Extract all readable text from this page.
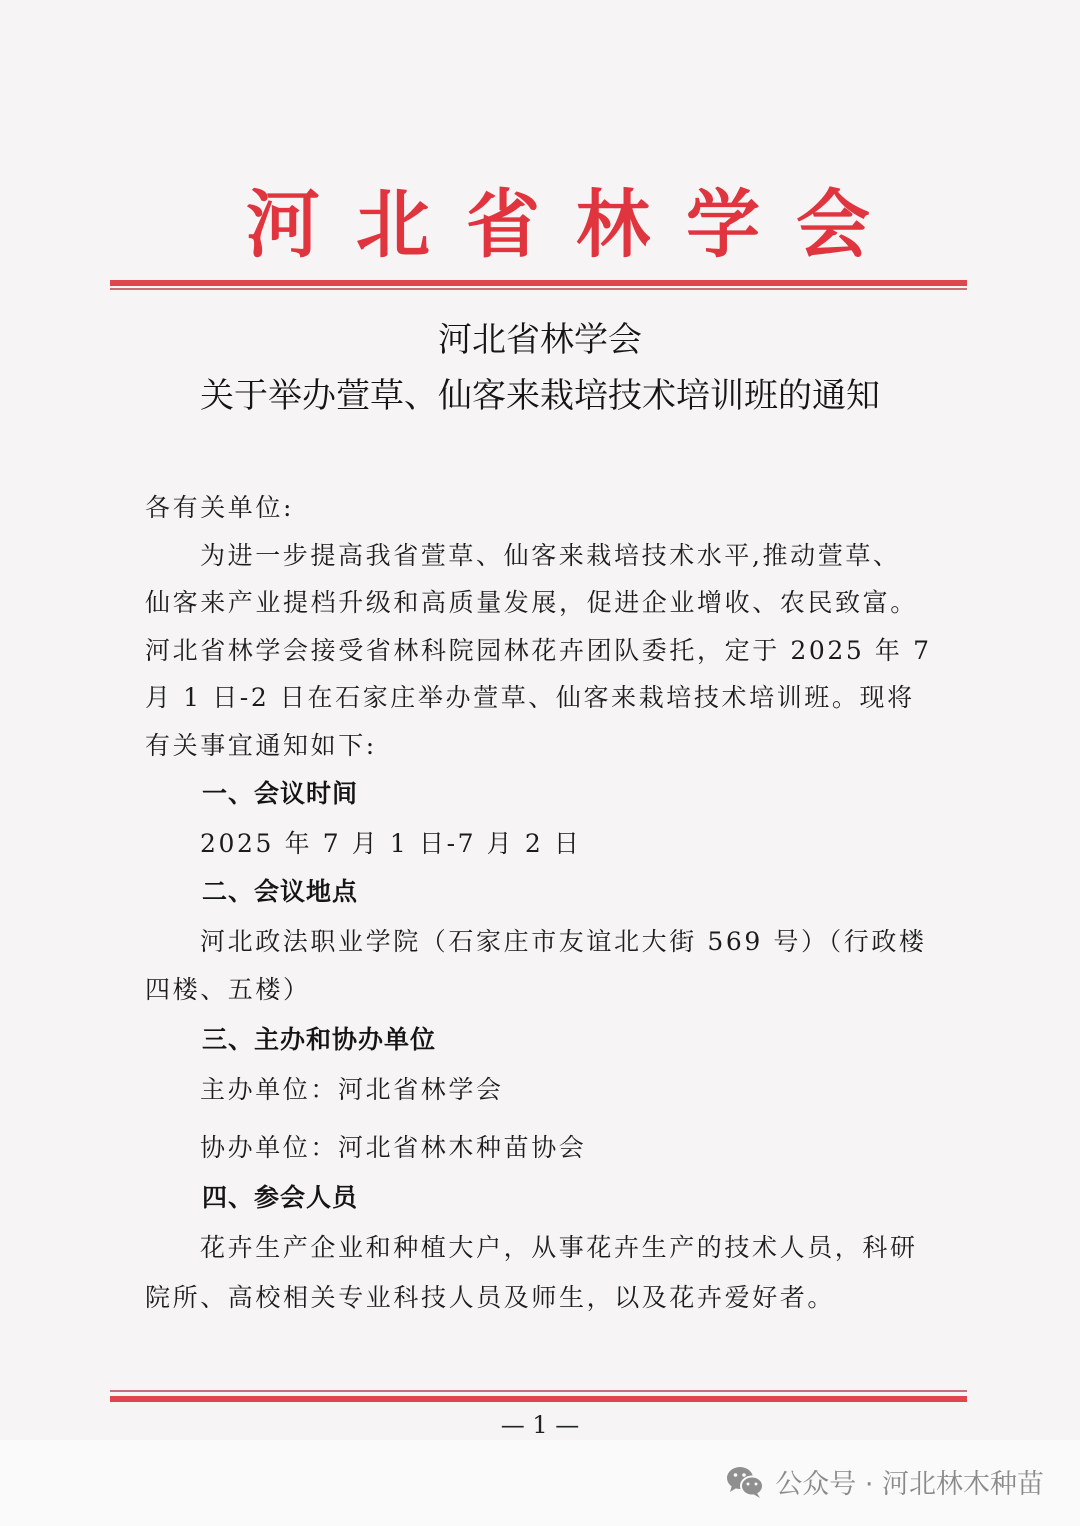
河北省林学会
河北省林学会
关于举办萱草、仙客来栽培技术培训班的通知
各有关单位:
为进一步提高我省萱草、仙客来栽培技术水平,推动萱草、
仙客来产业提档升级和高质量发展，促进企业增收、农民致富。
河北省林学会接受省林科院园林花卉团队委托，定于 2025 年 7
月 1 日-2 日在石家庄举办萱草、仙客来栽培技术培训班。现将
有关事宜通知如下:
一、会议时间
2025 年 7 月 1 日-7 月 2 日
二、会议地点
河北政法职业学院（石家庄市友谊北大街 569 号）（行政楼
四楼、五楼）
三、主办和协办单位
主办单位：河北省林学会
协办单位：河北省林木种苗协会
四、参会人员
花卉生产企业和种植大户，从事花卉生产的技术人员，科研
院所、高校相关专业科技人员及师生，以及花卉爱好者。
— 1 —
公众号 · 河北林木种苗
